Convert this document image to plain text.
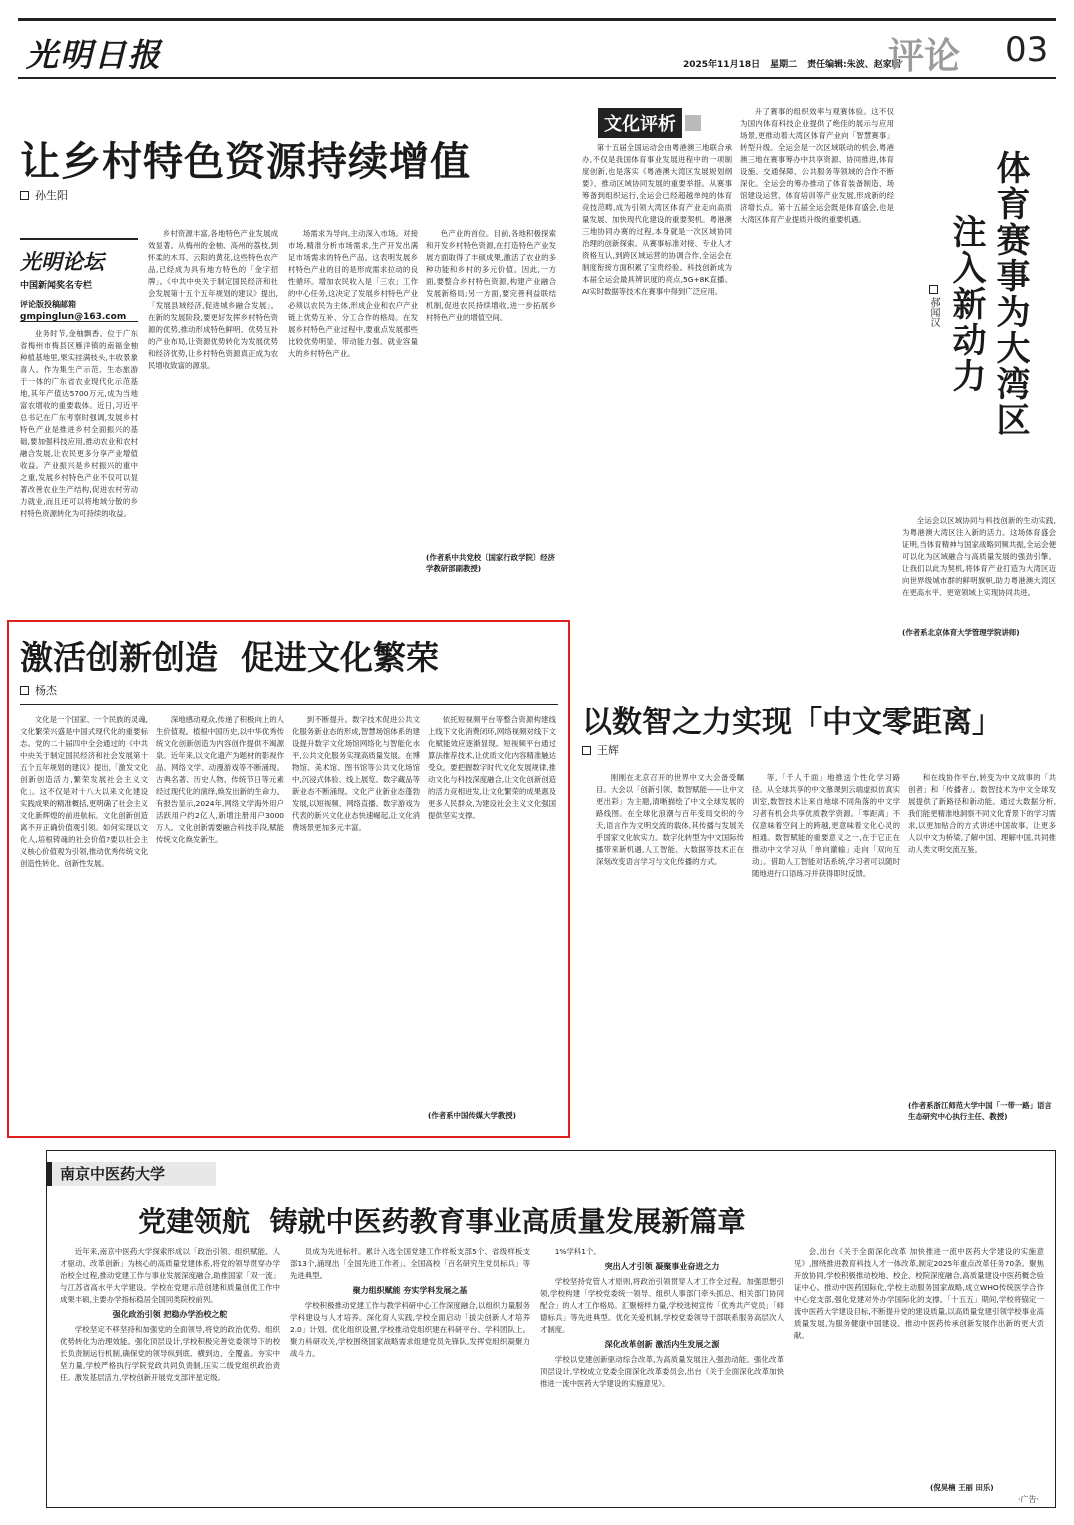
光明日报	2025年11月18日 星期二 责任编辑:朱波、赵家明
评论 03
让乡村特色资源持续增值
孙生阳
光明论坛
中国新闻奖名专栏
评论版投稿邮箱
gmpinglun@163.com

业务时节,金柚飘香。位于广东省梅州市梅县区雁洋镇的南福金柚种植基地里,果实挂满枝头,丰收景象喜人。作为集生产示范、生态旅游于一体的广东省农业现代化示范基地,其年产值达5700万元,成为当地富农增收的重要载体。近日,习近平总书记在广东考察时强调,发展乡村特色产业是推进乡村全面振兴的基础,要加强科技应用,推动农业和农村融合发展,让农民更多分享产业增值收益。产业振兴是乡村振兴的重中之重,发展乡村特色产业不仅可以显著改善农业生产结构,促进农村劳动力就业,而且还可以将地域分散的乡村特色资源转化为可持续的收益。

乡村资源丰富,各地特色产业发展成效显著。从梅州的金柚、高州的荔枝,到怀柔的木耳、云阳的黄花,这些特色农产品,已经成为具有地方特色的「金字招牌」。《中共中央关于制定国民经济和社会发展第十五个五年规划的建议》提出,「发展县域经济,促进城乡融合发展」。在新的发展阶段,要更好发挥乡村特色资源的优势,推动形成特色鲜明、优势互补的产业布局,让资源优势转化为发展优势和经济优势,让乡村特色资源真正成为农民增收致富的源泉。

场需求为导向,主动深入市场。对接市场,精准分析市场需求,生产开发出满足市场需求的特色产品。这表明发展乡村特色产业的目的是形成需求拉动的良性循环。增加农民收入是「三农」工作的中心任务,这决定了发展乡村特色产业必须以农民为主体,形成企业和农户产业链上优势互补、分工合作的格局。在发展乡村特色产业过程中,要重点发展那些比较优势明显、带动能力强、就业容量大的乡村特色产业。

色产业的首位。目前,各地积极探索和开发乡村特色资源,在打造特色产业发展方面取得了丰硕成果,激活了农业的多种功能和乡村的多元价值。因此,一方面,要整合乡村特色资源,构建产业融合发展新格局;另一方面,要完善利益联结机制,促进农民持续增收,进一步拓展乡村特色产业的增值空间。

(作者系中共党校〔国家行政学院〕经济学教研部副教授)
文化评析

第十五届全国运动会由粤港澳三地联合承办,不仅是我国体育事业发展进程中的一项制度创新,也是落实《粤港澳大湾区发展规划纲要》、推动区域协同发展的重要举措。从赛事筹备到组织运行,全运会已经超越单纯的体育竞技范畴,成为引领大湾区体育产业走向高质量发展、加快现代化建设的重要契机。粤港澳三地协同办赛的过程,本身就是一次区域协同治理的创新探索。从赛事标准对接、专业人才资格互认,到跨区域运营的协调合作,全运会在制度衔接方面积累了宝贵经验。科技创新成为本届全运会最具辨识度的亮点,5G+8K直播、AI实时数据等技术在赛事中得到广泛应用。

升了赛事的组织效率与观赛体验。这不仅为国内体育科技企业提供了绝佳的展示与应用场景,更推动着大湾区体育产业向「智慧赛事」转型升级。全运会是一次区域联动的机会,粤港澳三地在赛事筹办中共享资源、协同推进,体育设施、交通保障、公共服务等领域的合作不断深化。全运会的筹办推动了体育装备制造、场馆建设运营、体育培训等产业发展,形成新的经济增长点。第十五届全运会既是体育盛会,也是大湾区体育产业提质升级的重要机遇。	体育赛事为大湾区
注入新动力
郝闻汉

全运会以区域协同与科技创新的生动实践,为粤港澳大湾区注入新的活力。这场体育盛会证明,当体育精神与国家战略同频共振,全运会便可以化为区域融合与高质量发展的强劲引擎。让我们以此为契机,将体育产业打造为大湾区迈向世界级城市群的鲜明旗帜,助力粤港澳大湾区在更高水平、更宽领域上实现协同共进。

(作者系北京体育大学管理学院讲师)
激活创新创造  促进文化繁荣
杨杰

文化是一个国家、一个民族的灵魂,文化繁荣兴盛是中国式现代化的重要标志。党的二十届四中全会通过的《中共中央关于制定国民经济和社会发展第十五个五年规划的建议》提出,「激发文化创新创造活力,繁荣发展社会主义文化」。这不仅是对十八大以来文化建设实践成果的精准概括,更明确了社会主义文化新辉煌的前进航标。文化创新创造离不开正确价值观引领。如何实现以文化人,培根铸魂的社会价值?要以社会主义核心价值观为引领,推动优秀传统文化创造性转化、创新性发展。

深地感动观众,传递了积极向上的人生价值观。植根中国历史,以中华优秀传统文化创新创造为内容创作提供不竭源泉。近年来,以文化遗产为题材的影视作品、网络文学、动漫游戏等不断涌现。古典名著、历史人物、传统节日等元素经过现代化的演绎,焕发出新的生命力。有报告显示,2024年,网络文学海外用户活跃用户约2亿人,新增注册用户3000万人。文化创新需要融合科技手段,赋能传统文化焕发新生。

到不断提升。数字技术促进公共文化服务新业态的形成,智慧场馆体系的建设提升数字文化场馆网络化与智能化水平,公共文化服务实现高质量发展。在博物馆、美术馆、图书馆等公共文化场馆中,沉浸式体验、线上展览、数字藏品等新业态不断涌现。文化产业新业态蓬勃发展,以短视频、网络直播、数字游戏为代表的新兴文化业态快速崛起,让文化消费场景更加多元丰富。

依托短视频平台等整合资源构建线上线下文化消费闭环,网络视频对线下文化赋能效应逐渐显现。短视频平台通过算法推荐技术,让优质文化内容精准触达受众。要把握数字时代文化发展规律,推动文化与科技深度融合,让文化创新创造的活力竞相迸发,让文化繁荣的成果惠及更多人民群众,为建设社会主义文化强国提供坚实支撑。

(作者系中国传媒大学教授)
以数智之力实现「中文零距离」
王辉

刚刚在北京召开的世界中文大会备受瞩目。大会以「创新引领、数智赋能——让中文更出彩」为主题,清晰描绘了中文全球发展的路线图。在全球化浪潮与百年变局交织的今天,语言作为文明交流的载体,其传播与发展关乎国家文化软实力。数字化转型为中文国际传播带来新机遇,人工智能、大数据等技术正在深刻改变语言学习与文化传播的方式。

等,「千人千面」地推送个性化学习路径。从全球共享的中文慕课到云端虚拟仿真实训室,数智技术让来自地球不同角落的中文学习者有机会共享优质教学资源。「零距离」不仅意味着空间上的跨越,更意味着文化心灵的相通。数智赋能的重要意义之一,在于它正在推动中文学习从「单向灌输」走向「双向互动」。借助人工智能对话系统,学习者可以随时随地进行口语练习并获得即时反馈。

和在线协作平台,转变为中文故事的「共创者」和「传播者」。数智技术为中文全球发展提供了新路径和新动能。通过大数据分析,我们能更精准地洞察不同文化背景下的学习需求,以更加贴合的方式讲述中国故事。让更多人以中文为桥梁,了解中国、理解中国,共同推动人类文明交流互鉴。

(作者系浙江师范大学中国「一带一路」语言生态研究中心执行主任、教授)
南京中医药大学
党建领航  铸就中医药教育事业高质量发展新篇章

近年来,南京中医药大学探索形成以「政治引领、组织赋能、人才驱动、改革创新」为核心的高质量党建体系,将党的领导贯穿办学治校全过程,推动党建工作与事业发展深度融合,助推国家「双一流」与江苏省高水平大学建设。学校在党建示范创建和质量创优工作中成果丰硕,主要办学指标稳居全国同类院校前列。

强化政治引领 把稳办学治校之舵

学校坚定不移坚持和加强党的全面领导,将党的政治优势、组织优势转化为治理效能。强化顶层设计,学校积极完善党委领导下的校长负责制运行机制,确保党的领导纵到底、横到边、全覆盖。夯实中坚力量,学校严格执行学院党政共同负责制,压实二级党组织政治责任。激发基层活力,学校创新开展党支部评星定级。

员成为先进标杆。累计入选全国党建工作样板支部5个、省级样板支部13个,涌现出「全国先进工作者」、全国高校「百名研究生党员标兵」等先进典型。

聚力组织赋能 夯实学科发展之基

学校积极推动党建工作与教学科研中心工作深度融合,以组织力量服务学科建设与人才培养。深化育人实践,学校全面启动「拔尖创新人才培养2.0」计划。优化组织设置,学校推动党组织建在科研平台、学科团队上。聚力科研攻关,学校围绕国家战略需求组建党员先锋队,发挥党组织凝聚力战斗力。

1%学科1个。

突出人才引领 凝聚事业奋进之力

学校坚持党管人才原则,将政治引领贯穿人才工作全过程。加强思想引领,学校构建「学校党委统一领导、组织人事部门牵头抓总、相关部门协同配合」的人才工作格局。汇聚榜样力量,学校选树宣传「优秀共产党员」「师德标兵」等先进典型。优化关爱机制,学校党委领导干部联系服务高层次人才制度。

深化改革创新 激活内生发展之源

学校以党建创新驱动综合改革,为高质量发展注入强劲动能。强化改革顶层设计,学校成立党委全面深化改革委员会,出台《关于全面深化改革加快推进一流中医药大学建设的实施意见》。

会,出台《关于全面深化改革 加快推进一流中医药大学建设的实施意见》,围绕推进教育科技人才一体改革,制定2025年重点改革任务70条。聚焦开放协同,学校积极推动校地、校企、校院深度融合,高质量建设中医药概念验证中心。推动中医药国际化,学校主动服务国家战略,成立WHO传统医学合作中心党支部,强化党建对外办学国际化的支撑。「十五五」期间,学校将锚定一流中医药大学建设目标,不断提升党的建设质量,以高质量党建引领学校事业高质量发展,为服务健康中国建设、推动中医药传承创新发展作出新的更大贡献。

(倪昊楠 王丽 田乐)
·广告·
